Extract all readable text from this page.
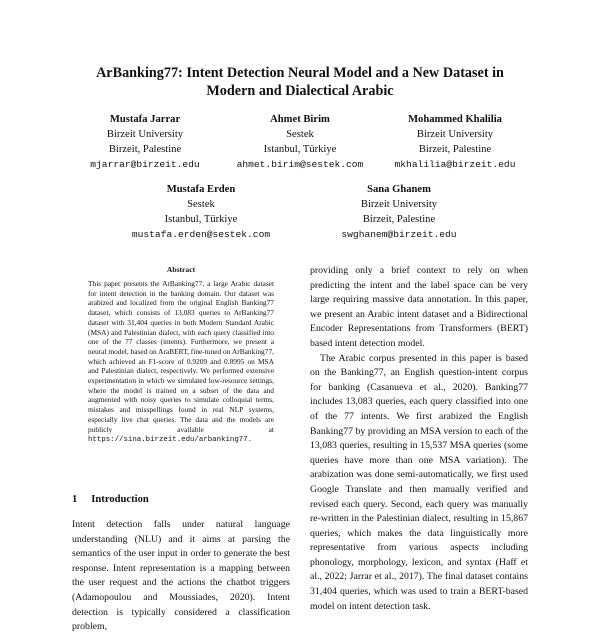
ArBanking77: Intent Detection Neural Model and a New Dataset in
Modern and Dialectical Arabic
Mustafa Jarrar
Birzeit University
Birzeit, Palestine
mjarrar@birzeit.edu
Ahmet Birim
Sestek
Istanbul, Türkiye
ahmet.birim@sestek.com
Mohammed Khalilia
Birzeit University
Birzeit, Palestine
mkhalilia@birzeit.edu
Mustafa Erden
Sestek
Istanbul, Türkiye
mustafa.erden@sestek.com
Sana Ghanem
Birzeit University
Birzeit, Palestine
swghanem@birzeit.edu
Abstract

This paper presents the ArBanking77, a large Arabic dataset for intent detection in the banking domain. Our dataset was arabized and localized from the original English Banking77 dataset, which consists of 13,083 queries to ArBanking77 dataset with 31,404 queries in both Modern Standard Arabic (MSA) and Palestinian dialect, with each query classified into one of the 77 classes (intents). Furthermore, we present a neural model, based on AraBERT, fine-tuned on ArBanking77, which achieved an F1-score of 0.9209 and 0.8995 on MSA and Palestinian dialect, respectively. We performed extensive experimentation in which we simulated low-resource settings, where the model is trained on a subset of the data and augmented with noisy queries to simulate colloquial terms, mistakes and misspellings found in real NLP systems, especially live chat queries. The data and the models are publicly available at https://sina.birzeit.edu/arbanking77.

1 Introduction

Intent detection falls under natural language understanding (NLU) and it aims at parsing the semantics of the user input in order to generate the best response. Intent representation is a mapping between the user request and the actions the chatbot triggers (Adamopoulou and Moussiades, 2020). Intent detection is typically considered a classification problem,

providing only a brief context to rely on when predicting the intent and the label space can be very large requiring massive data annotation. In this paper, we present an Arabic intent dataset and a Bidirectional Encoder Representations from Transformers (BERT) based intent detection model.

The Arabic corpus presented in this paper is based on the Banking77, an English question-intent corpus for banking (Casanueva et al., 2020). Banking77 includes 13,083 queries, each query classified into one of the 77 intents. We first arabized the English Banking77 by providing an MSA version to each of the 13,083 queries, resulting in 15,537 MSA queries (some queries have more than one MSA variation). The arabization was done semi-automatically, we first used Google Translate and then manually verified and revised each query. Second, each query was manually re-written in the Palestinian dialect, resulting in 15,867 queries, which makes the data linguistically more representative from various aspects including phonology, morphology, lexicon, and syntax (Haff et al., 2022; Jarrar et al., 2017). The final dataset contains 31,404 queries, which was used to train a BERT-based model on intent detection task.
